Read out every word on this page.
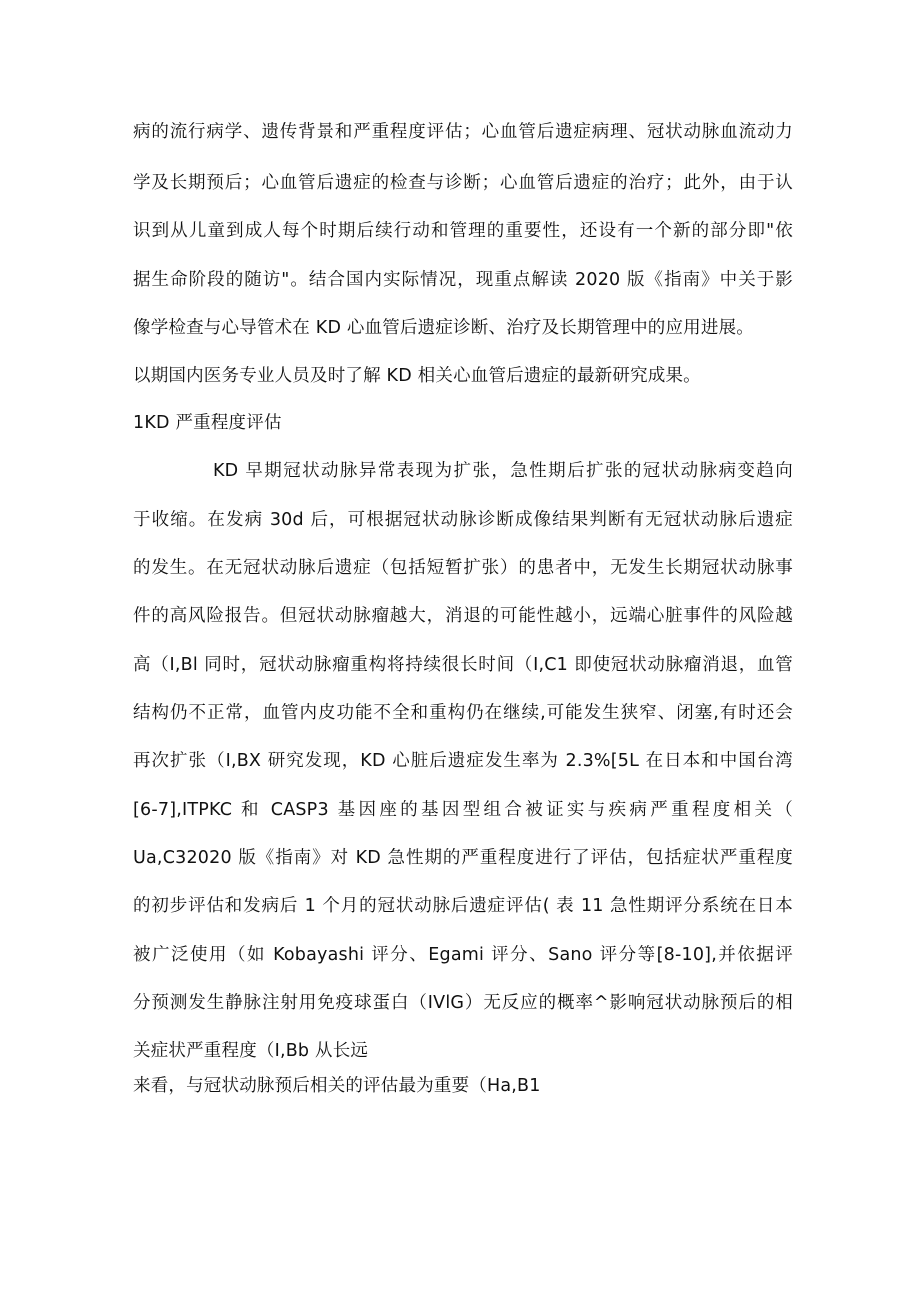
病的流行病学、遗传背景和严重程度评估；心血管后遗症病理、冠状动脉血流动力
学及长期预后；心血管后遗症的检查与诊断；心血管后遗症的治疗；此外，由于认
识到从儿童到成人每个时期后续行动和管理的重要性，还设有一个新的部分即"依
据生命阶段的随访"。结合国内实际情况，现重点解读 2020 版《指南》中关于影
像学检查与心导管术在 KD 心血管后遗症诊断、治疗及长期管理中的应用进展。
以期国内医务专业人员及时了解 KD 相关心血管后遗症的最新研究成果。
1KD 严重程度评估
KD 早期冠状动脉异常表现为扩张，急性期后扩张的冠状动脉病变趋向
于收缩。在发病 30d 后，可根据冠状动脉诊断成像结果判断有无冠状动脉后遗症
的发生。在无冠状动脉后遗症（包括短暂扩张）的患者中，无发生长期冠状动脉事
件的高风险报告。但冠状动脉瘤越大，消退的可能性越小，远端心脏事件的风险越
高（I,Bl 同时，冠状动脉瘤重构将持续很长时间（I,C1 即使冠状动脉瘤消退，血管
结构仍不正常，血管内皮功能不全和重构仍在继续,可能发生狭窄、闭塞,有时还会
再次扩张（I,BX 研究发现，KD 心脏后遗症发生率为 2.3%[5L 在日本和中国台湾
[6-7],ITPKC 和 CASP3 基因座的基因型组合被证实与疾病严重程度相关（
Ua,C32020 版《指南》对 KD 急性期的严重程度进行了评估，包括症状严重程度
的初步评估和发病后 1 个月的冠状动脉后遗症评估( 表 11 急性期评分系统在日本
被广泛使用（如 Kobayashi 评分、Egami 评分、Sano 评分等[8-10],并依据评
分预测发生静脉注射用免疫球蛋白（IVlG）无反应的概率^影响冠状动脉预后的相
关症状严重程度（I,Bb 从长远
来看，与冠状动脉预后相关的评估最为重要（Ha,B1
